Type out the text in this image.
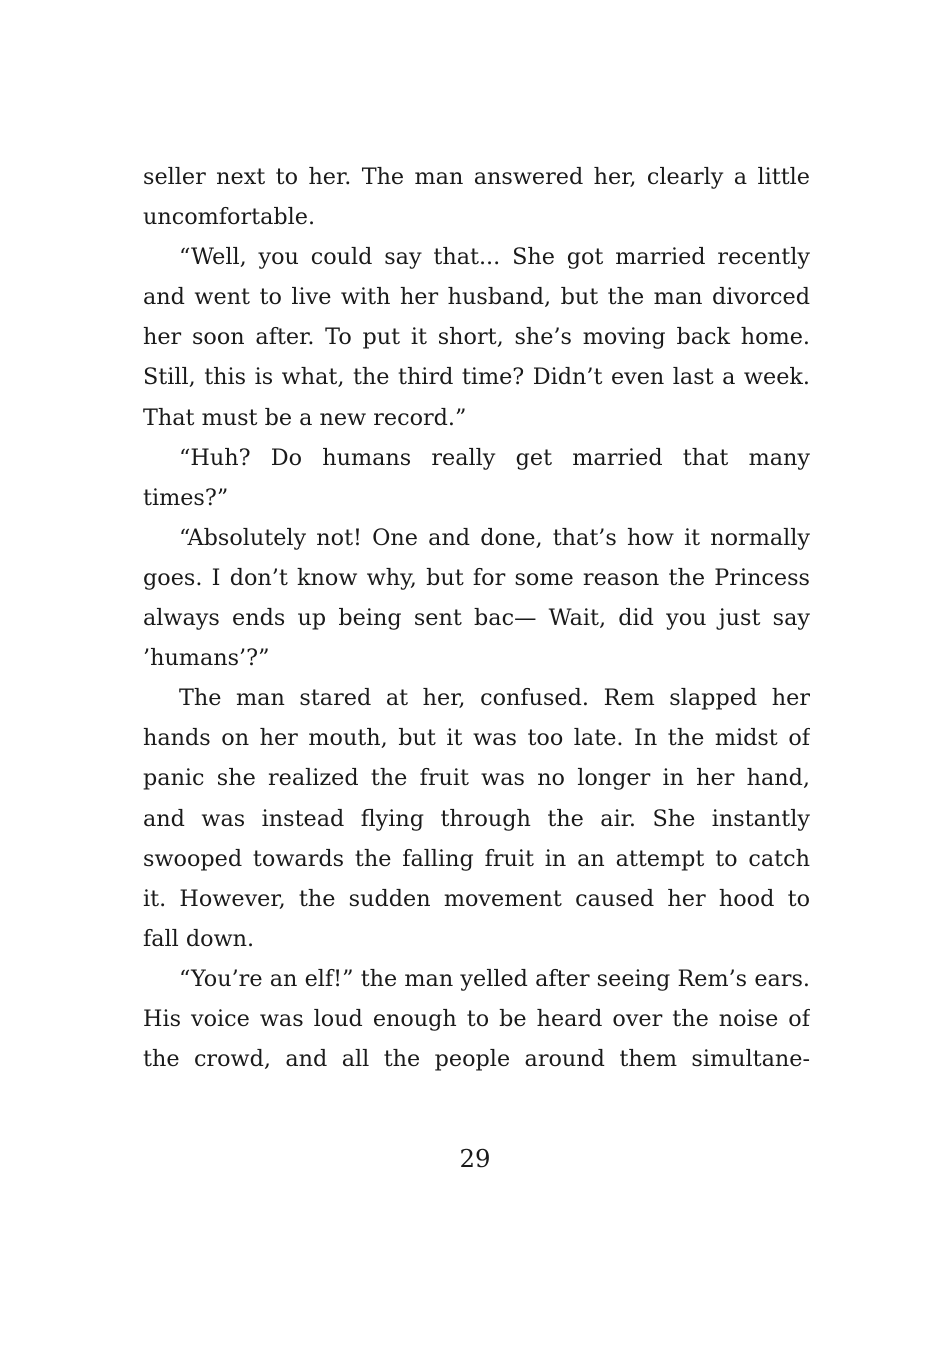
seller next to her. The man answered her, clearly a little
uncomfortable.
“Well, you could say that... She got married recently
and went to live with her husband, but the man divorced
her soon after. To put it short, she’s moving back home.
Still, this is what, the third time? Didn’t even last a week.
That must be a new record.”
“Huh? Do humans really get married that many
times?”
“Absolutely not! One and done, that’s how it normally
goes. I don’t know why, but for some reason the Princess
always ends up being sent bac— Wait, did you just say
’humans’?”
The man stared at her, confused. Rem slapped her
hands on her mouth, but it was too late. In the midst of
panic she realized the fruit was no longer in her hand,
and was instead flying through the air. She instantly
swooped towards the falling fruit in an attempt to catch
it. However, the sudden movement caused her hood to
fall down.
“You’re an elf!” the man yelled after seeing Rem’s ears.
His voice was loud enough to be heard over the noise of
the crowd, and all the people around them simultane-
29
